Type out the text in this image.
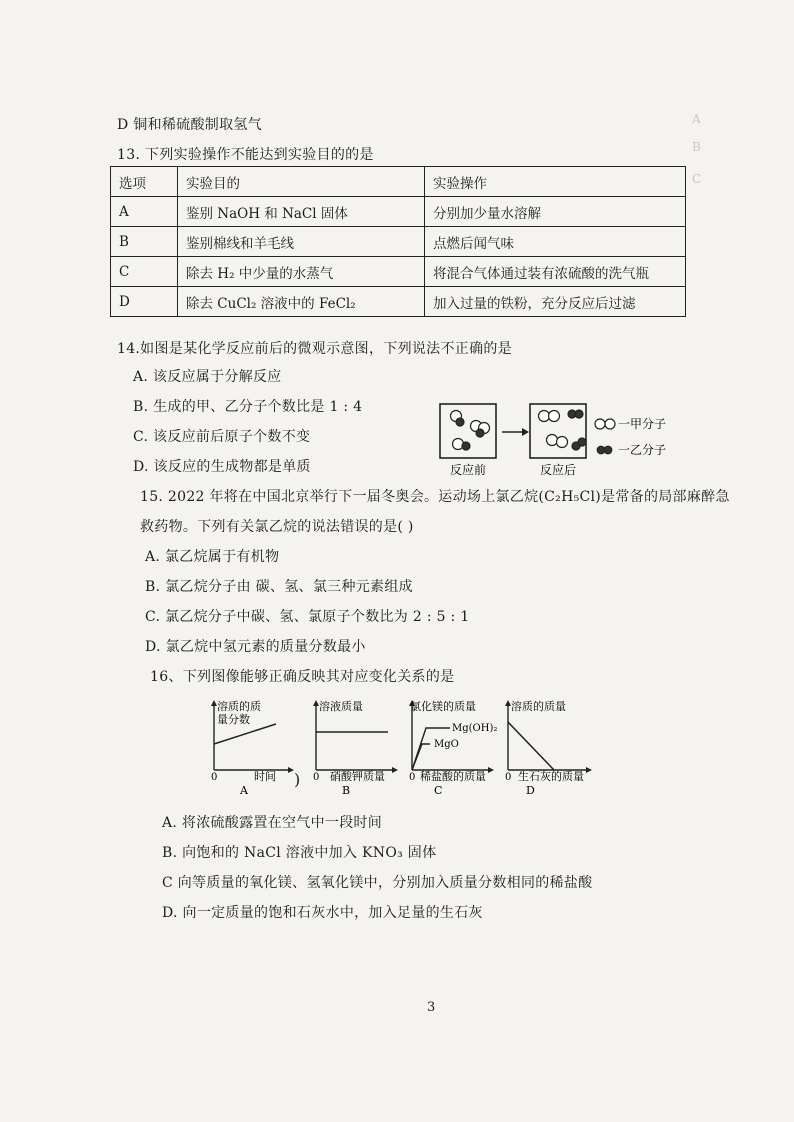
A
B
C
D 铜和稀硫酸制取氢气
13. 下列实验操作不能达到实验目的的是
选项	实验目的	实验操作
A	鉴别 NaOH 和 NaCl 固体	分别加少量水溶解
B	鉴别棉线和羊毛线	点燃后闻气味
C	除去 H₂ 中少量的水蒸气	将混合气体通过装有浓硫酸的洗气瓶
D	除去 CuCl₂ 溶液中的 FeCl₂	加入过量的铁粉，充分反应后过滤
14.如图是某化学反应前后的微观示意图，下列说法不正确的是
A. 该反应属于分解反应
B. 生成的甲、乙分子个数比是 1 : 4
C. 该反应前后原子个数不变
D. 该反应的生成物都是单质
一甲分子
一乙分子
反应前	反应后
15. 2022 年将在中国北京举行下一届冬奥会。运动场上氯乙烷(C₂H₅Cl)是常备的局部麻醉急
救药物。下列有关氯乙烷的说法错误的是( )
A. 氯乙烷属于有机物
B. 氯乙烷分子由 碳、氢、氯三种元素组成
C. 氯乙烷分子中碳、氢、氯原子个数比为 2 : 5 : 1
D. 氯乙烷中氢元素的质量分数最小
16、下列图像能够正确反映其对应变化关系的是
溶质的质
量分数
0	时间
A
溶液质量
0 硝酸钾质量
B
氯化镁的质量
Mg(OH)₂
MgO
0 稀盐酸的质量
C
溶质的质量
0 生石灰的质量
D
)
A. 将浓硫酸露置在空气中一段时间
B. 向饱和的 NaCl 溶液中加入 KNO₃ 固体
C 向等质量的氧化镁、氢氧化镁中，分别加入质量分数相同的稀盐酸
D. 向一定质量的饱和石灰水中，加入足量的生石灰
3
